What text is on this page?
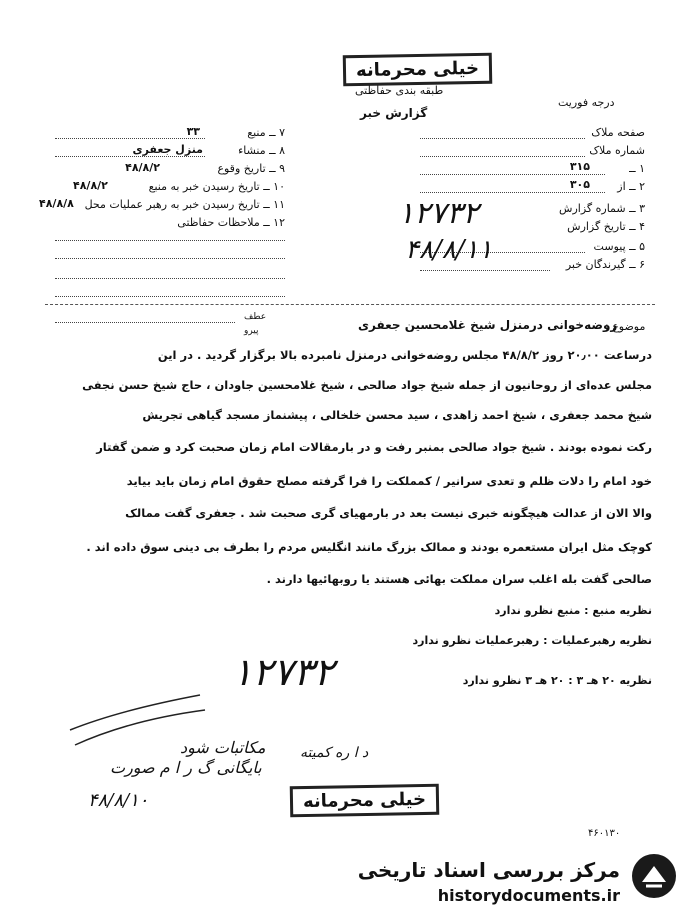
خیلی محرمانه
طبقه بندی حفاظتی
درجه فوریت
گزارش خبر
صفحه ملاک
شماره ملاک
۱ ــ
۳۱۵
۲ ــ از
۳۰۵
۳ ــ شماره گزارش
۴ ــ تاریخ گزارش
۵ ــ پیوست
۶ ــ گیرندگان خبر
۱۲۷۳۲
۴۸/۸/۱۱
۷ ــ منبع
۳۳
۸ ــ منشاء
منزل جعفری
۹ ــ تاریخ وقوع
۴۸/۸/۲
۱۰ ــ تاریخ رسیدن خبر به منبع
۴۸/۸/۲
۱۱ ــ تاریخ رسیدن خبر به رهبر عملیات محل
۴۸/۸/۸
۱۲ ــ ملاحظات حفاظتی
عطف
پیرو	موضوع :
روضه‌خوانی درمنزل شیخ غلامحسین جعفری
درساعت ۲۰٫۰۰ روز ۴۸/۸/۲ مجلس روضه‌خوانی درمنزل نامبرده بالا برگزار گردید . در این
مجلس عده‌ای از روحانیون از جمله شیخ جواد صالحی ، شیخ غلامحسین جاودان ، حاج شیخ حسن نجفی
شیخ محمد جعفری ، شیخ احمد زاهدی ، سید محسن خلخالی ، پیشنماز مسجد گیاهی تجریش
رکت نموده بودند . شیخ جواد صالحی بمنبر رفت و در بارمقالات امام زمان صحبت کرد و ضمن گفتار
خود امام را دلات ظلم و تعدی سرانیر / کمملکت را فرا گرفته مصلح حقوق امام زمان باید بیاید
والا الان از عدالت هیچگونه خبری نیست بعد در بارمهیای گری صحبت شد . جعفری گفت ممالک
کوچک مثل ایران مستعمره بودند و ممالک بزرگ مانند انگلیس مردم را بطرف بی دینی سوق داده اند .
صالحی گفت بله اغلب سران مملکت بهائی هستند یا روبهائیها دارند .
نظریه منبع : منبع نظرو ندارد
نظریه رهبرعملیات : رهبرعملیات نظرو ندارد
نظریه ۲۰ هـ ۳ : ۲۰ هـ ۳ نظرو ندارد
۱۲۷۳۲
د ا ره کمیته
مکاتبات شود
بایگانی گ ر ا م صورت
۴۸/۸/۱۰	خیلی محرمانه
۴۶۰۱۳۰
مرکز بررسی اسناد تاریخی
historydocuments.ir
